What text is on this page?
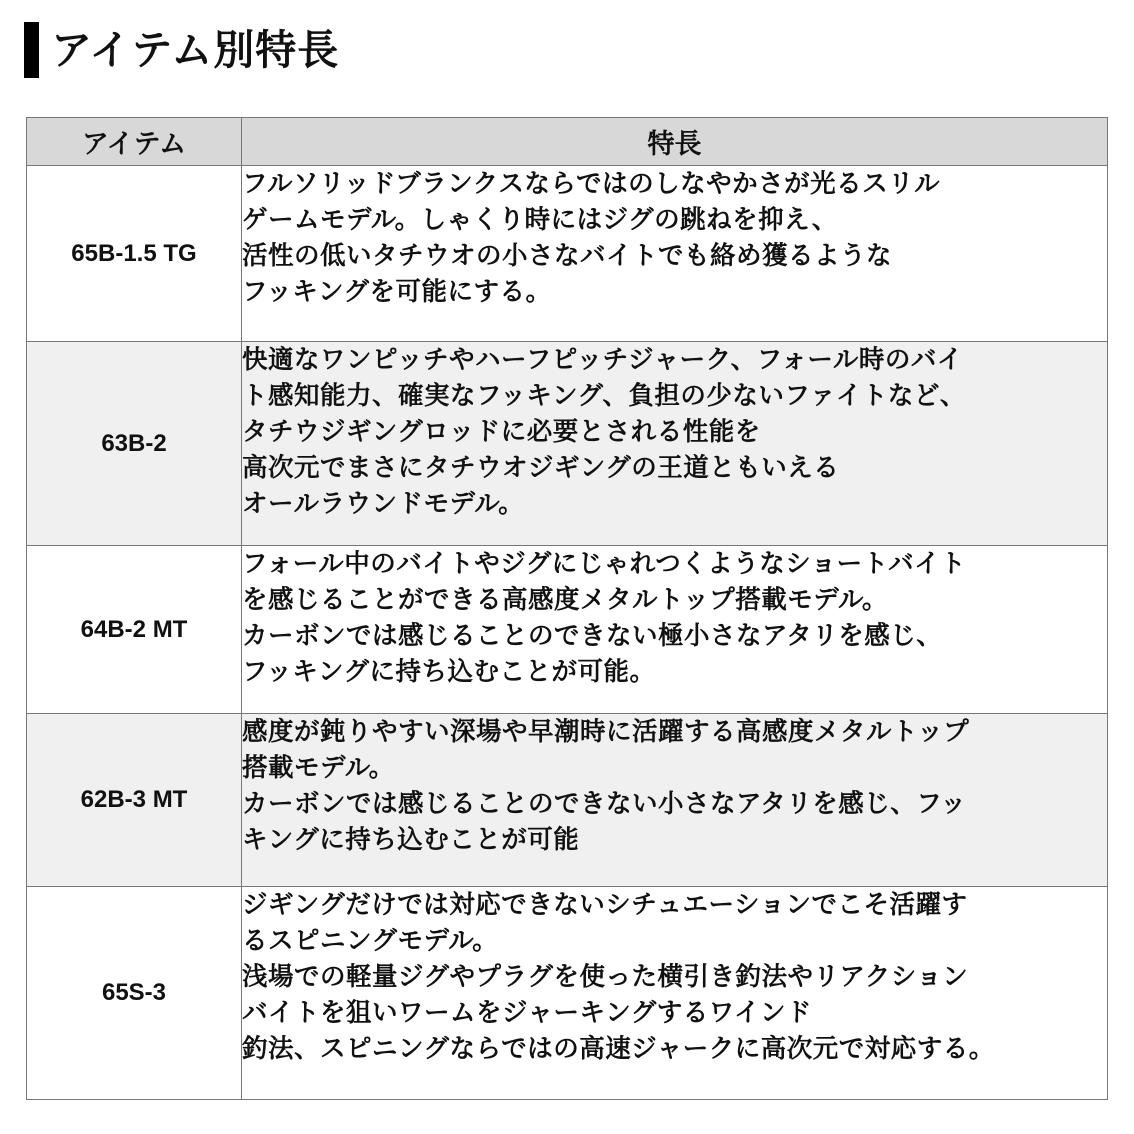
アイテム別特長
アイテム	特長
65B-1.5 TG	フルソリッドブランクスならではのしなやかさが光るスリル
ゲームモデル。しゃくり時にはジグの跳ねを抑え、
活性の低いタチウオの小さなバイトでも絡め獲るような
フッキングを可能にする。

63B-2	快適なワンピッチやハーフピッチジャーク、フォール時のバイ
ト感知能力、確実なフッキング、負担の少ないファイトなど、
タチウジギングロッドに必要とされる性能を
高次元でまさにタチウオジギングの王道ともいえる
オールラウンドモデル。

64B-2 MT	フォール中のバイトやジグにじゃれつくようなショートバイト
を感じることができる高感度メタルトップ搭載モデル。
カーボンでは感じることのできない極小さなアタリを感じ、
フッキングに持ち込むことが可能。

62B-3 MT	感度が鈍りやすい深場や早潮時に活躍する高感度メタルトップ
搭載モデル。
カーボンでは感じることのできない小さなアタリを感じ、フッ
キングに持ち込むことが可能

65S-3	ジギングだけでは対応できないシチュエーションでこそ活躍す
るスピニングモデル。
浅場での軽量ジグやプラグを使った横引き釣法やリアクション
バイトを狙いワームをジャーキングするワインド
釣法、スピニングならではの高速ジャークに高次元で対応する。
